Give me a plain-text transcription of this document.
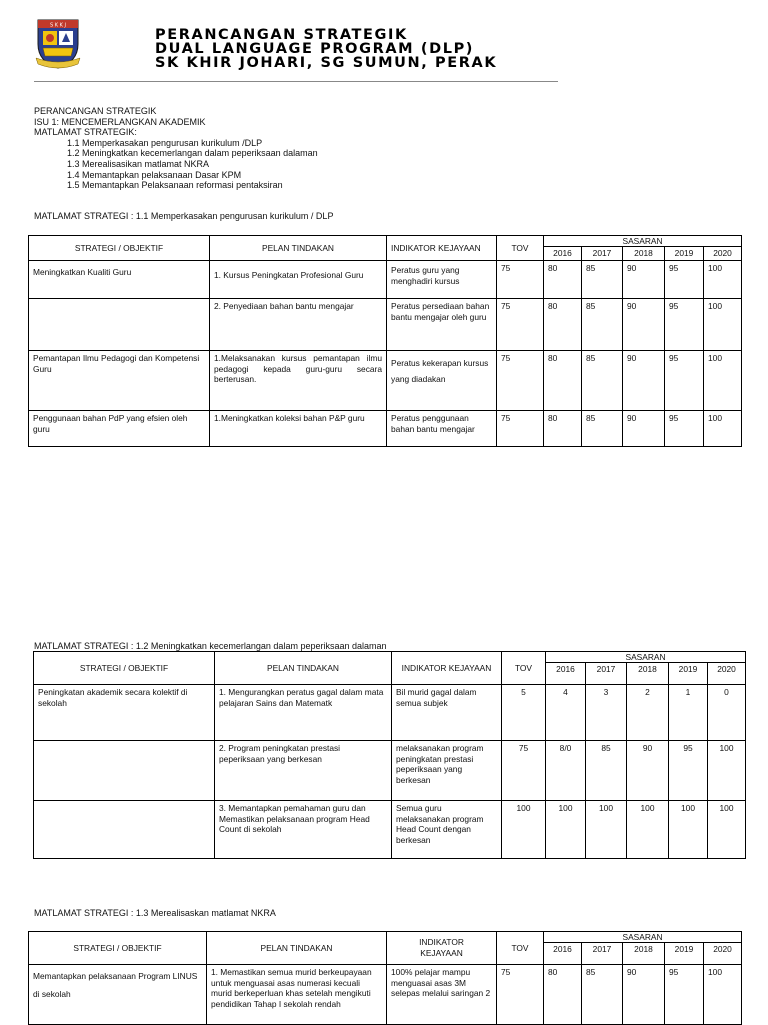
S K K J
PERANCANGAN STRATEGIK
DUAL LANGUAGE PROGRAM (DLP)
SK KHIR JOHARI, SG SUMUN, PERAK
PERANCANGAN STRATEGIK
ISU 1: MENCEMERLANGKAN AKADEMIK
MATLAMAT STRATEGIK:
1.1 Memperkasakan pengurusan kurikulum /DLP
1.2 Meningkatkan kecemerlangan dalam peperiksaan dalaman
1.3 Merealisasikan matlamat NKRA
1.4 Memantapkan pelaksanaan Dasar KPM
1.5 Memantapkan Pelaksanaan reformasi pentaksiran
MATLAMAT STRATEGI : 1.1 Memperkasakan pengurusan kurikulum / DLP
STRATEGI / OBJEKTIF	PELAN TINDAKAN	INDIKATOR KEJAYAAN	TOV	SASARAN				
				2016	2017	2018	2019	2020
Meningkatkan Kualiti Guru	1. Kursus Peningkatan Profesional Guru	Peratus guru yang menghadiri kursus	75	80	85	90	95	100
	2. Penyediaan bahan bantu mengajar	Peratus persediaan bahan bantu mengajar oleh guru	75	80	85	90	95	100
Pemantapan Ilmu Pedagogi dan Kompetensi Guru	1.Melaksanakan kursus pemantapan ilmu pedagogi kepada guru-guru secara berterusan.	Peratus kekerapan kursus yang diadakan	75	80	85	90	95	100
Penggunaan bahan PdP yang efsien oleh guru	1.Meningkatkan koleksi bahan P&P guru	Peratus penggunaan bahan bantu mengajar	75	80	85	90	95	100
MATLAMAT STRATEGI : 1.2 Meningkatkan kecemerlangan dalam peperiksaan dalaman
STRATEGI / OBJEKTIF	PELAN TINDAKAN	INDIKATOR KEJAYAAN	TOV	SASARAN				
				2016	2017	2018	2019	2020
Peningkatan akademik secara kolektif di sekolah	1. Mengurangkan peratus gagal dalam mata pelajaran Sains dan Matematk	Bil murid gagal dalam semua subjek	5	4	3	2	1	0
	2. Program peningkatan prestasi peperiksaan yang berkesan	melaksanakan program peningkatan prestasi peperiksaan yang berkesan	75	8/0	85	90	95	100
	3. Memantapkan pemahaman guru dan Memastikan pelaksanaan program Head Count di sekolah	Semua guru melaksanakan program Head Count dengan berkesan	100	100	100	100	100	100
MATLAMAT STRATEGI : 1.3 Merealisaskan matlamat NKRA
STRATEGI / OBJEKTIF	PELAN TINDAKAN	INDIKATOR
KEJAYAAN	TOV	SASARAN				
				2016	2017	2018	2019	2020
Memantapkan pelaksanaan Program LINUS di sekolah	1. Memastikan semua murid berkeupayaan untuk menguasai asas numerasi kecuali murid berkeperluan khas setelah mengikuti pendidikan Tahap I sekolah rendah	100% pelajar mampu menguasai asas 3M selepas melalui saringan 2	75	80	85	90	95	100
